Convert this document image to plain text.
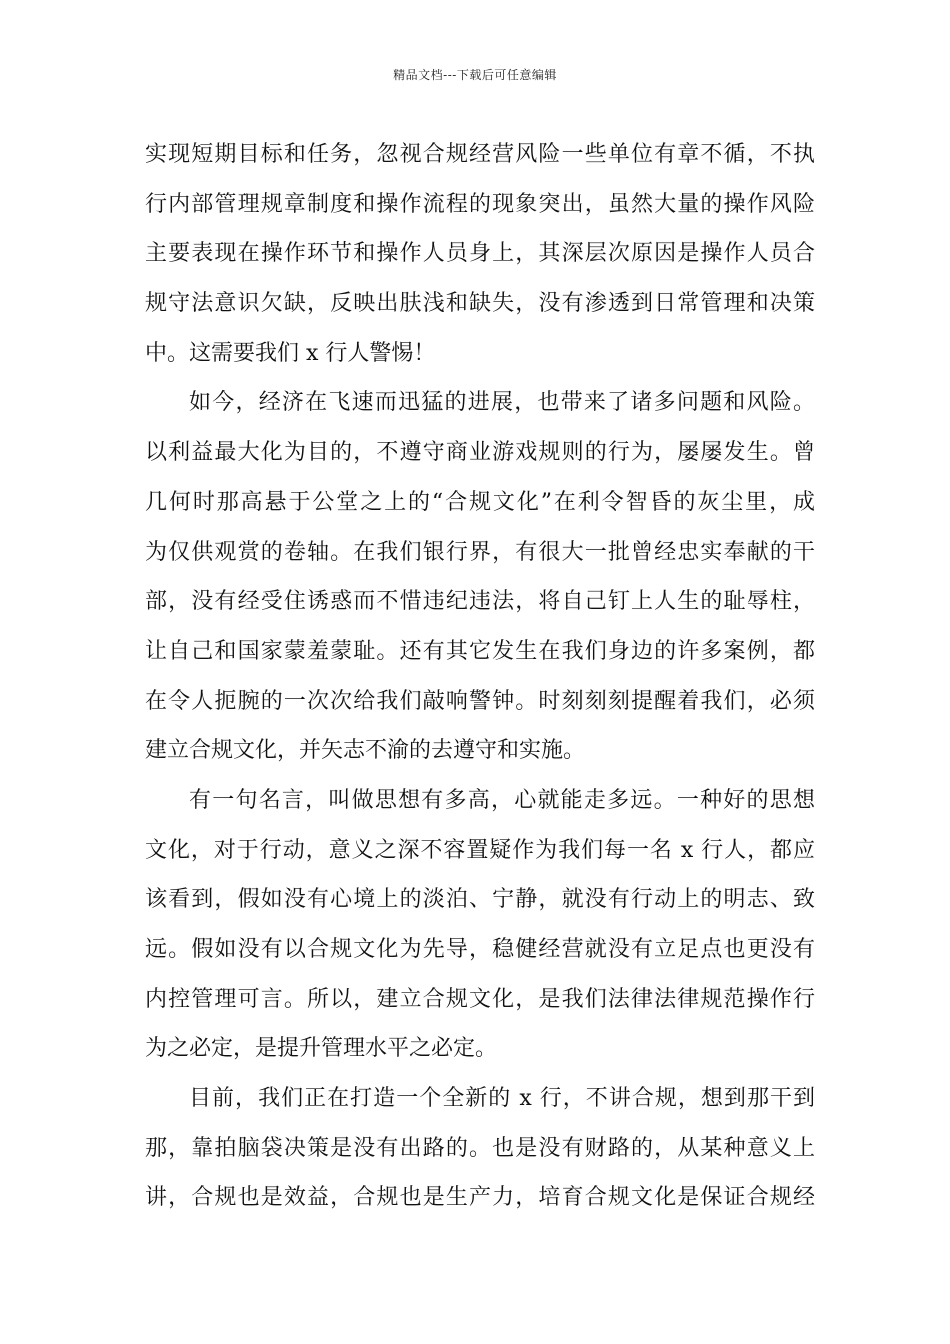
精品文档---下载后可任意编辑
实现短期目标和任务，忽视合规经营风险一些单位有章不循，不执
行内部管理规章制度和操作流程的现象突出，虽然大量的操作风险
主要表现在操作环节和操作人员身上，其深层次原因是操作人员合
规守法意识欠缺，反映出肤浅和缺失，没有渗透到日常管理和决策
中。这需要我们 x 行人警惕！
如今，经济在飞速而迅猛的进展，也带来了诸多问题和风险。
以利益最大化为目的，不遵守商业游戏规则的行为，屡屡发生。曾
几何时那高悬于公堂之上的“合规文化”在利令智昏的灰尘里，成
为仅供观赏的卷轴。在我们银行界，有很大一批曾经忠实奉献的干
部，没有经受住诱惑而不惜违纪违法，将自己钉上人生的耻辱柱，
让自己和国家蒙羞蒙耻。还有其它发生在我们身边的许多案例，都
在令人扼腕的一次次给我们敲响警钟。时刻刻刻提醒着我们，必须
建立合规文化，并矢志不渝的去遵守和实施。
有一句名言，叫做思想有多高，心就能走多远。一种好的思想
文化，对于行动，意义之深不容置疑作为我们每一名 x 行人，都应
该看到，假如没有心境上的淡泊、宁静，就没有行动上的明志、致
远。假如没有以合规文化为先导，稳健经营就没有立足点也更没有
内控管理可言。所以，建立合规文化，是我们法律法律规范操作行
为之必定，是提升管理水平之必定。
目前，我们正在打造一个全新的 x 行，不讲合规，想到那干到
那，靠拍脑袋决策是没有出路的。也是没有财路的，从某种意义上
讲，合规也是效益，合规也是生产力，培育合规文化是保证合规经
